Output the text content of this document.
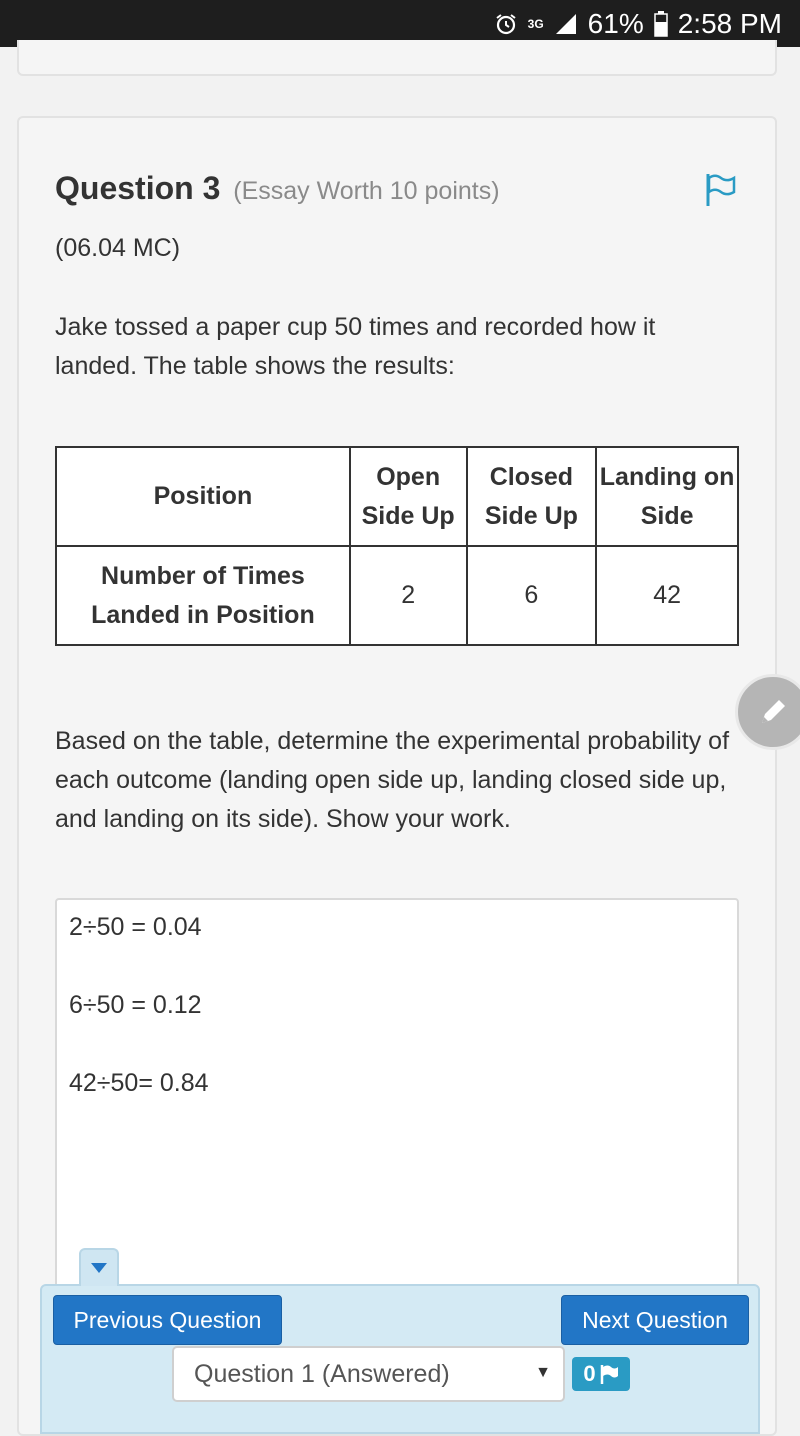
3G 61% 2:58 PM
Question 3 (Essay Worth 10 points)
(06.04 MC)
Jake tossed a paper cup 50 times and recorded how it landed. The table shows the results:
Position	Open Side Up	Closed Side Up	Landing on Side
Number of Times Landed in Position	2	6	42
Based on the table, determine the experimental probability of each outcome (landing open side up, landing closed side up, and landing on its side). Show your work.
2÷50 = 0.04
6÷50 = 0.12
42÷50= 0.84
Previous Question	Next Question
Question 1 (Answered)	▼ 0
